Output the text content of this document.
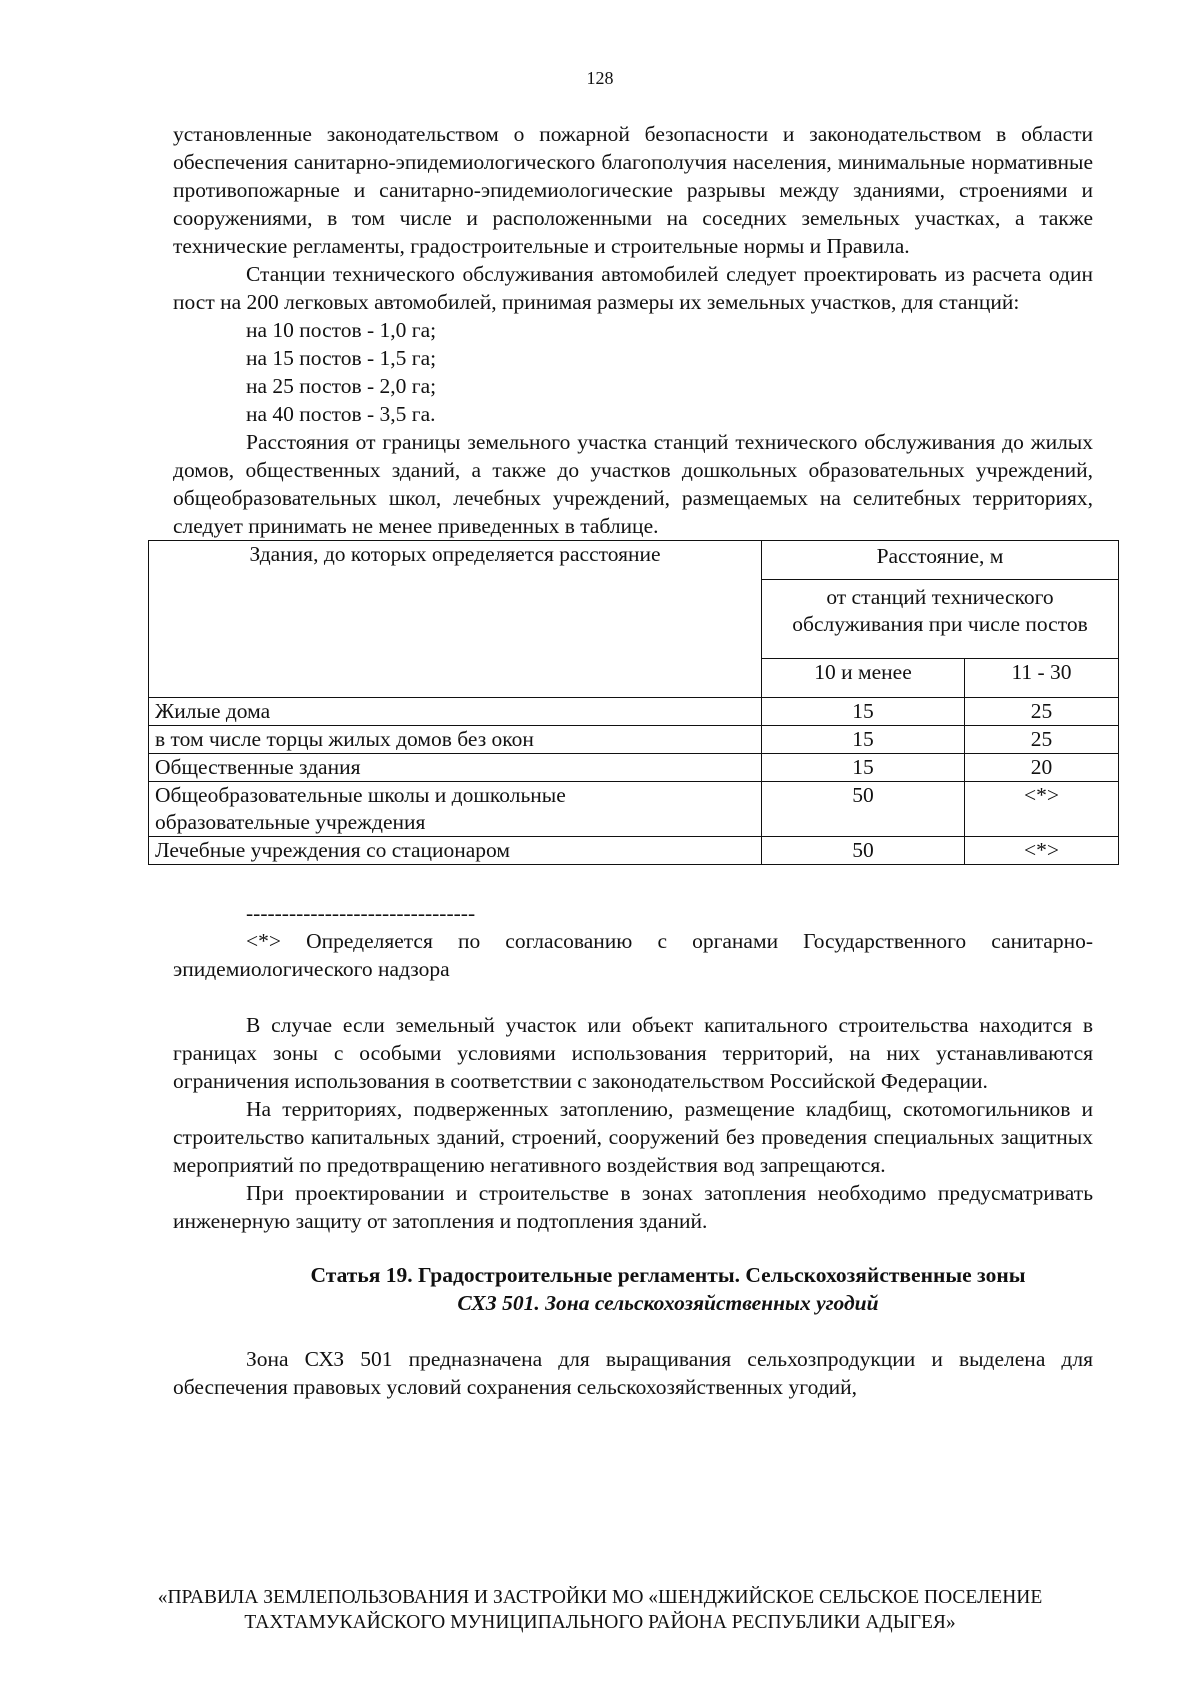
128

установленные законодательством о пожарной безопасности и законодательством в области обеспечения санитарно-эпидемиологического благополучия населения, минимальные нормативные противопожарные и санитарно-эпидемиологические разрывы между зданиями, строениями и сооружениями, в том числе и расположенными на соседних земельных участках, а также технические регламенты, градостроительные и строительные нормы и Правила.

Станции технического обслуживания автомобилей следует проектировать из расчета один пост на 200 легковых автомобилей, принимая размеры их земельных участков, для станций:

на 10 постов - 1,0 га;
на 15 постов - 1,5 га;
на 25 постов - 2,0 га;
на 40 постов - 3,5 га.

Расстояния от границы земельного участка станций технического обслуживания до жилых домов, общественных зданий, а также до участков дошкольных образовательных учреждений, общеобразовательных школ, лечебных учреждений, размещаемых на селитебных территориях, следует принимать не менее приведенных в таблице.

Здания, до которых определяется расстояние	Расстояние, м	
	от станций технического обслуживания при числе постов	
	10 и менее	11 - 30
Жилые дома	15	25
в том числе торцы жилых домов без окон	15	25
Общественные здания	15	20
Общеобразовательные школы и дошкольные образовательные учреждения	50	<*>
Лечебные учреждения со стационаром	50	<*>
--------------------------------

<*> Определяется по согласованию с органами Государственного санитарно-эпидемиологического надзора

В случае если земельный участок или объект капитального строительства находится в границах зоны с особыми условиями использования территорий, на них устанавливаются ограничения использования в соответствии с законодательством Российской Федерации.

На территориях, подверженных затоплению, размещение кладбищ, скотомогильников и строительство капитальных зданий, строений, сооружений без проведения специальных защитных мероприятий по предотвращению негативного воздействия вод запрещаются.

При проектировании и строительстве в зонах затопления необходимо предусматривать инженерную защиту от затопления и подтопления зданий.

Статья 19. Градостроительные регламенты. Сельскохозяйственные зоны
СХЗ 501. Зона сельскохозяйственных угодий

Зона СХЗ 501 предназначена для выращивания сельхозпродукции и выделена для обеспечения правовых условий сохранения сельскохозяйственных угодий,

«ПРАВИЛА ЗЕМЛЕПОЛЬЗОВАНИЯ И ЗАСТРОЙКИ МО «ШЕНДЖИЙСКОЕ СЕЛЬСКОЕ ПОСЕЛЕНИЕ
ТАХТАМУКАЙСКОГО МУНИЦИПАЛЬНОГО РАЙОНА РЕСПУБЛИКИ АДЫГЕЯ»
